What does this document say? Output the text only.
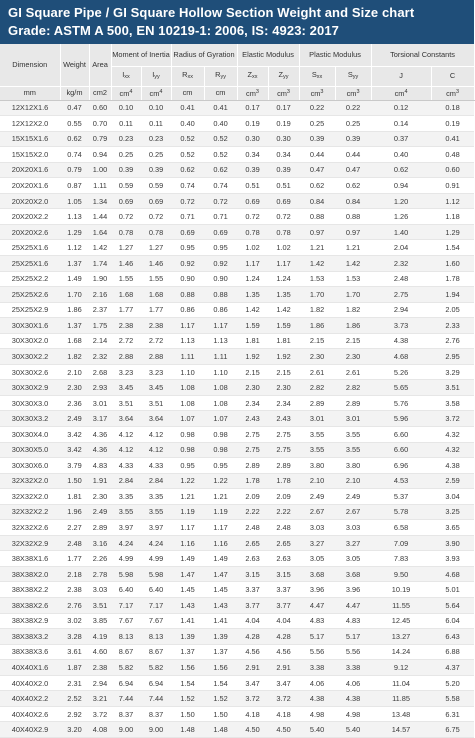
GI Square Pipe / GI Square Hollow Section Weight and Size chart
Grade: ASTM A 500, EN 10219-1: 2006, IS: 4923: 2017
Dimension	Weight	Area	Moment of Inertia		Radius of Gyration		Elastic Modulus		Plastic Modulus		Torsional Constants	
			$I_{xx}$	$I_{yy}$	$R_{xx}$	$R_{yy}$	$Z_{xx}$	$Z_{yy}$	$S_{xx}$	$S_{yy}$	J	C
mm	kg/m	cm2	$cm^4$	$cm^4$	cm	cm	$cm^3$	$cm^3$	$cm^3$	$cm^3$	$cm^4$	$cm^3$
12X12X1.6	0.47	0.60	0.10	0.10	0.41	0.41	0.17	0.17	0.22	0.22	0.12	0.18
12X12X2.0	0.55	0.70	0.11	0.11	0.40	0.40	0.19	0.19	0.25	0.25	0.14	0.19
15X15X1.6	0.62	0.79	0.23	0.23	0.52	0.52	0.30	0.30	0.39	0.39	0.37	0.41
15X15X2.0	0.74	0.94	0.25	0.25	0.52	0.52	0.34	0.34	0.44	0.44	0.40	0.48
20X20X1.6	0.79	1.00	0.39	0.39	0.62	0.62	0.39	0.39	0.47	0.47	0.62	0.60
20X20X1.6	0.87	1.11	0.59	0.59	0.74	0.74	0.51	0.51	0.62	0.62	0.94	0.91
20X20X2.0	1.05	1.34	0.69	0.69	0.72	0.72	0.69	0.69	0.84	0.84	1.20	1.12
20X20X2.2	1.13	1.44	0.72	0.72	0.71	0.71	0.72	0.72	0.88	0.88	1.26	1.18
20X20X2.6	1.29	1.64	0.78	0.78	0.69	0.69	0.78	0.78	0.97	0.97	1.40	1.29
25X25X1.6	1.12	1.42	1.27	1.27	0.95	0.95	1.02	1.02	1.21	1.21	2.04	1.54
25X25X1.6	1.37	1.74	1.46	1.46	0.92	0.92	1.17	1.17	1.42	1.42	2.32	1.60
25X25X2.2	1.49	1.90	1.55	1.55	0.90	0.90	1.24	1.24	1.53	1.53	2.48	1.78
25X25X2.6	1.70	2.16	1.68	1.68	0.88	0.88	1.35	1.35	1.70	1.70	2.75	1.94
25X25X2.9	1.86	2.37	1.77	1.77	0.86	0.86	1.42	1.42	1.82	1.82	2.94	2.05
30X30X1.6	1.37	1.75	2.38	2.38	1.17	1.17	1.59	1.59	1.86	1.86	3.73	2.33
30X30X2.0	1.68	2.14	2.72	2.72	1.13	1.13	1.81	1.81	2.15	2.15	4.38	2.76
30X30X2.2	1.82	2.32	2.88	2.88	1.11	1.11	1.92	1.92	2.30	2.30	4.68	2.95
30X30X2.6	2.10	2.68	3.23	3.23	1.10	1.10	2.15	2.15	2.61	2.61	5.26	3.29
30X30X2.9	2.30	2.93	3.45	3.45	1.08	1.08	2.30	2.30	2.82	2.82	5.65	3.51
30X30X3.0	2.36	3.01	3.51	3.51	1.08	1.08	2.34	2.34	2.89	2.89	5.76	3.58
30X30X3.2	2.49	3.17	3.64	3.64	1.07	1.07	2.43	2.43	3.01	3.01	5.96	3.72
30X30X4.0	3.42	4.36	4.12	4.12	0.98	0.98	2.75	2.75	3.55	3.55	6.60	4.32
30X30X5.0	3.42	4.36	4.12	4.12	0.98	0.98	2.75	2.75	3.55	3.55	6.60	4.32
30X30X6.0	3.79	4.83	4.33	4.33	0.95	0.95	2.89	2.89	3.80	3.80	6.96	4.38
32X32X2.0	1.50	1.91	2.84	2.84	1.22	1.22	1.78	1.78	2.10	2.10	4.53	2.59
32X32X2.0	1.81	2.30	3.35	3.35	1.21	1.21	2.09	2.09	2.49	2.49	5.37	3.04
32X32X2.2	1.96	2.49	3.55	3.55	1.19	1.19	2.22	2.22	2.67	2.67	5.78	3.25
32X32X2.6	2.27	2.89	3.97	3.97	1.17	1.17	2.48	2.48	3.03	3.03	6.58	3.65
32X32X2.9	2.48	3.16	4.24	4.24	1.16	1.16	2.65	2.65	3.27	3.27	7.09	3.90
38X38X1.6	1.77	2.26	4.99	4.99	1.49	1.49	2.63	2.63	3.05	3.05	7.83	3.93
38X38X2.0	2.18	2.78	5.98	5.98	1.47	1.47	3.15	3.15	3.68	3.68	9.50	4.68
38X38X2.2	2.38	3.03	6.40	6.40	1.45	1.45	3.37	3.37	3.96	3.96	10.19	5.01
38X38X2.6	2.76	3.51	7.17	7.17	1.43	1.43	3.77	3.77	4.47	4.47	11.55	5.64
38X38X2.9	3.02	3.85	7.67	7.67	1.41	1.41	4.04	4.04	4.83	4.83	12.45	6.04
38X38X3.2	3.28	4.19	8.13	8.13	1.39	1.39	4.28	4.28	5.17	5.17	13.27	6.43
38X38X3.6	3.61	4.60	8.67	8.67	1.37	1.37	4.56	4.56	5.56	5.56	14.24	6.88
40X40X1.6	1.87	2.38	5.82	5.82	1.56	1.56	2.91	2.91	3.38	3.38	9.12	4.37
40X40X2.0	2.31	2.94	6.94	6.94	1.54	1.54	3.47	3.47	4.06	4.06	11.04	5.20
40X40X2.2	2.52	3.21	7.44	7.44	1.52	1.52	3.72	3.72	4.38	4.38	11.85	5.58
40X40X2.6	2.92	3.72	8.37	8.37	1.50	1.50	4.18	4.18	4.98	4.98	13.48	6.31
40X40X2.9	3.20	4.08	9.00	9.00	1.48	1.48	4.50	4.50	5.40	5.40	14.57	6.75
